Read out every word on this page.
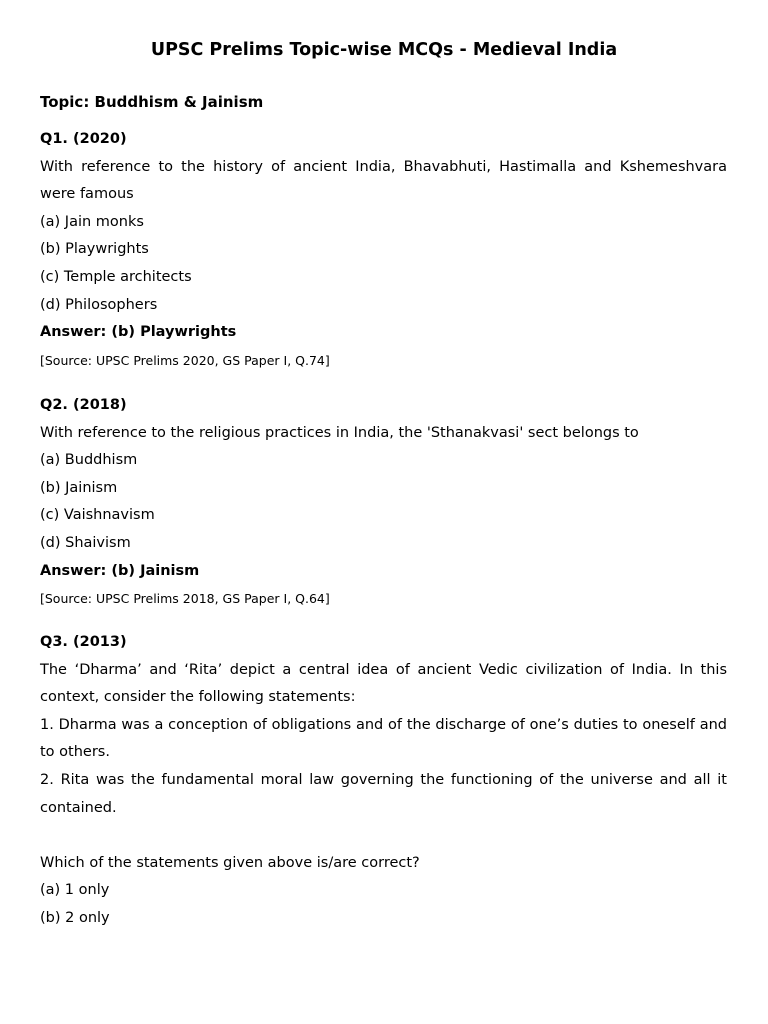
UPSC Prelims Topic-wise MCQs - Medieval India
Topic: Buddhism & Jainism
Q1. (2020)
With reference to the history of ancient India, Bhavabhuti, Hastimalla and Kshemeshvara were famous
(a) Jain monks
(b) Playwrights
(c) Temple architects
(d) Philosophers
Answer: (b) Playwrights
[Source: UPSC Prelims 2020, GS Paper I, Q.74]
Q2. (2018)
With reference to the religious practices in India, the 'Sthanakvasi' sect belongs to
(a) Buddhism
(b) Jainism
(c) Vaishnavism
(d) Shaivism
Answer: (b) Jainism
[Source: UPSC Prelims 2018, GS Paper I, Q.64]
Q3. (2013)
The ‘Dharma’ and ‘Rita’ depict a central idea of ancient Vedic civilization of India. In this context, consider the following statements:
1. Dharma was a conception of obligations and of the discharge of one’s duties to oneself and to others.
2. Rita was the fundamental moral law governing the functioning of the universe and all it contained.
Which of the statements given above is/are correct?
(a) 1 only
(b) 2 only
